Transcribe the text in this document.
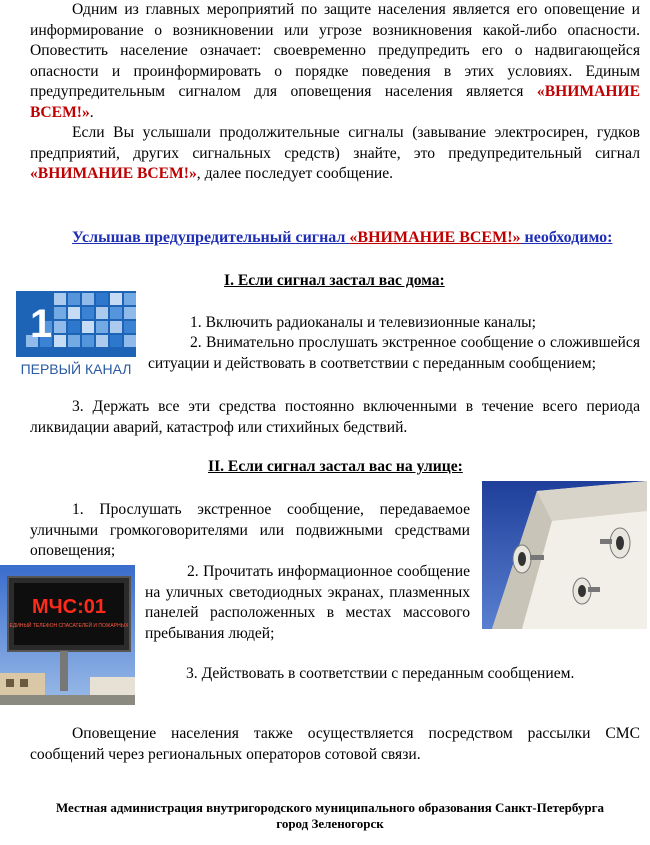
Одним из главных мероприятий по защите населения является его оповещение и информирование о возникновении или угрозе возникновения какой-либо опасности. Оповестить население означает: своевременно предупредить его о надвигающейся опасности и проинформировать о порядке поведения в этих условиях. Единым предупредительным сигналом для оповещения населения является «ВНИМАНИЕ ВСЕМ!».

Если Вы услышали продолжительные сигналы (завывание электросирен, гудков предприятий, других сигнальных средств) знайте, это предупредительный сигнал «ВНИМАНИЕ ВСЕМ!», далее последует сообщение.

Услышав предупредительный сигнал «ВНИМАНИЕ ВСЕМ!» необходимо:

I. Если сигнал застал вас дома:

1
ПЕРВЫЙ КАНАЛ

1. Включить радиоканалы и телевизионные каналы;

2. Внимательно прослушать экстренное сообщение о сложившейся ситуации и действовать в соответствии с переданным сообщением;

3. Держать все эти средства постоянно включенными в течение всего периода ликвидации аварий, катастроф или стихийных бедствий.

II. Если сигнал застал вас на улице:

1. Прослушать экстренное сообщение, передаваемое уличными громкоговорителями или подвижными средствами оповещения;

МЧС:01
ЕДИНЫЙ ТЕЛЕФОН СПАСАТЕЛЕЙ И ПОЖАРНЫХ

2. Прочитать информационное сообщение на уличных светодиодных экранах, плазменных панелей расположенных в местах массового пребывания людей;

3. Действовать в соответствии с переданным сообщением.

Оповещение населения также осуществляется посредством рассылки СМС сообщений через региональных операторов сотовой связи.

Местная администрация внутригородского муниципального образования Санкт-Петербурга
город Зеленогорск
